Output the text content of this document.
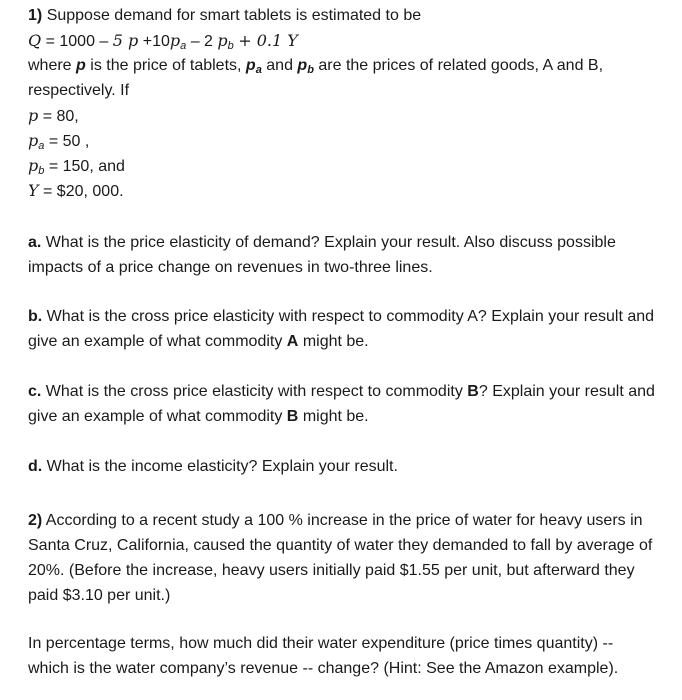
1) Suppose demand for smart tablets is estimated to be
Q = 1000 – 5 $p +10p_a - 2$ $p_b + 0.1$ Y
where p is the price of tablets, $p_a$ and $p_b$ are the prices of related goods, A and B,
respectively. If
p = 80,
$p_a = 50$ ,
$p_b = 150$, and
Y = $20, 000.
a. What is the price elasticity of demand? Explain your result. Also discuss possible impacts of a price change on revenues in two-three lines.
b. What is the cross price elasticity with respect to commodity A? Explain your result and give an example of what commodity A might be.
c. What is the cross price elasticity with respect to commodity B? Explain your result and give an example of what commodity B might be.
d. What is the income elasticity? Explain your result.
2) According to a recent study a 100 % increase in the price of water for heavy users in Santa Cruz, California, caused the quantity of water they demanded to fall by average of 20%. (Before the increase, heavy users initially paid $1.55 per unit, but afterward they paid $3.10 per unit.)
In percentage terms, how much did their water expenditure (price times quantity) -- which is the water company’s revenue -- change? (Hint: See the Amazon example).
